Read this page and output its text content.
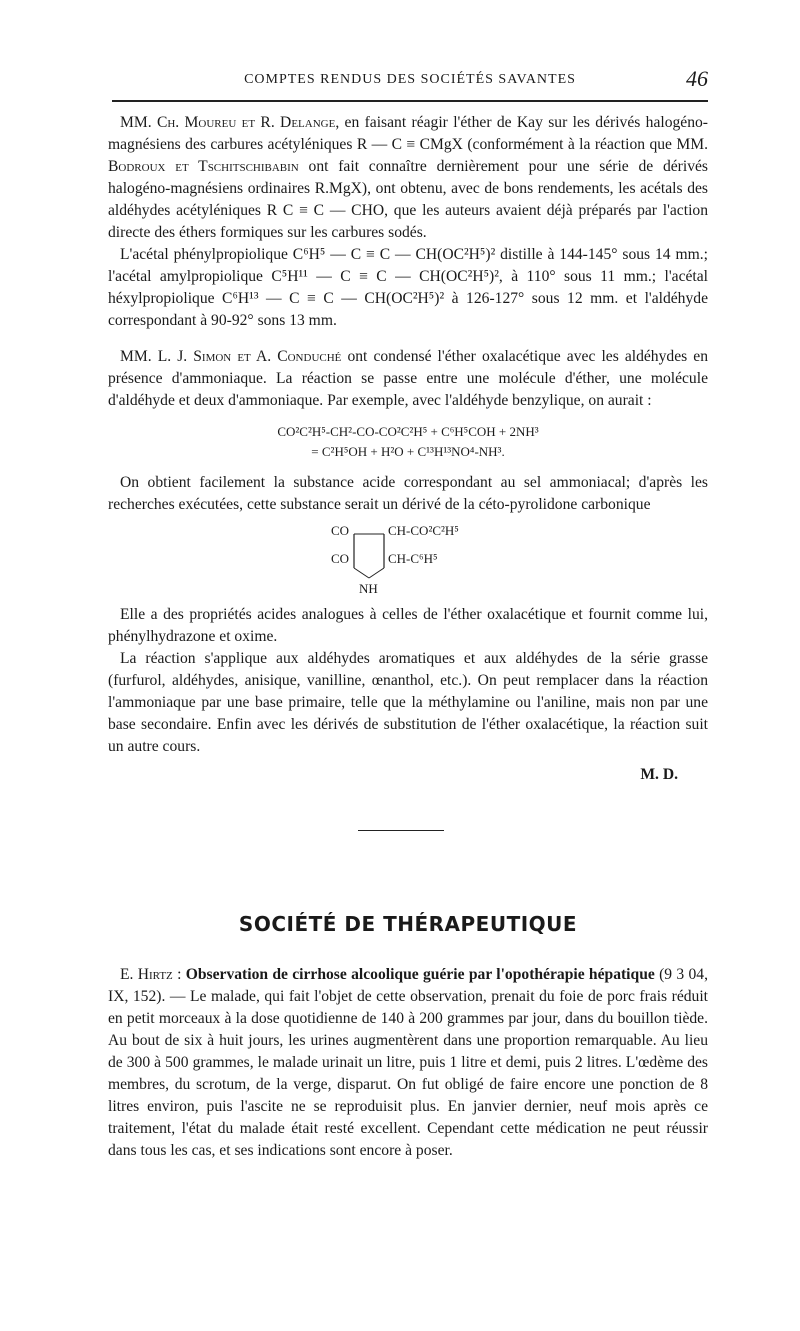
COMPTES RENDUS DES SOCIÉTÉS SAVANTES	46

MM. Ch. Moureu et R. Delange, en faisant réagir l'éther de Kay sur les dérivés halogéno-magnésiens des carbures acétyléniques R — C ≡ CMgX (conformément à la réaction que MM. Bodroux et Tschitschibabin ont fait connaître dernièrement pour une série de dérivés halogéno-magnésiens ordinaires R.MgX), ont obtenu, avec de bons rendements, les acétals des aldéhydes acétyléniques R C ≡ C — CHO, que les auteurs avaient déjà préparés par l'action directe des éthers formiques sur les carbures sodés.

L'acétal phénylpropiolique C⁶H⁵ — C ≡ C — CH(OC²H⁵)² distille à 144-145° sous 14 mm.; l'acétal amylpropiolique C⁵H¹¹ — C ≡ C — CH(OC²H⁵)², à 110° sous 11 mm.; l'acétal héxylpropiolique C⁶H¹³ — C ≡ C — CH(OC²H⁵)² à 126-127° sous 12 mm. et l'aldéhyde correspondant à 90-92° sons 13 mm.

MM. L. J. Simon et A. Conduché ont condensé l'éther oxalacétique avec les aldéhydes en présence d'ammoniaque. La réaction se passe entre une molécule d'éther, une molécule d'aldéhyde et deux d'ammoniaque. Par exemple, avec l'aldéhyde benzylique, on aurait :

CO²C²H⁵-CH²-CO-CO²C²H⁵ + C⁶H⁵COH + 2NH³
= C²H⁵OH + H²O + C¹³H¹³NO⁴-NH³.

On obtient facilement la substance acide correspondant au sel ammoniacal; d'après les recherches exécutées, cette substance serait un dérivé de la céto-pyrolidone carbonique

CO
CO
CH-CO²C²H⁵
CH-C⁶H⁵
NH

Elle a des propriétés acides analogues à celles de l'éther oxalacétique et fournit comme lui, phénylhydrazone et oxime.

La réaction s'applique aux aldéhydes aromatiques et aux aldéhydes de la série grasse (furfurol, aldéhydes, anisique, vanilline, œnanthol, etc.). On peut remplacer dans la réaction l'ammoniaque par une base primaire, telle que la méthylamine ou l'aniline, mais non par une base secondaire. Enfin avec les dérivés de substitution de l'éther oxalacétique, la réaction suit un autre cours.

M. D.
SOCIÉTÉ DE THÉRAPEUTIQUE

E. Hirtz : Observation de cirrhose alcoolique guérie par l'opothérapie hépatique (9 3 04, IX, 152). — Le malade, qui fait l'objet de cette observation, prenait du foie de porc frais réduit en petit morceaux à la dose quotidienne de 140 à 200 grammes par jour, dans du bouillon tiède. Au bout de six à huit jours, les urines augmentèrent dans une proportion remarquable. Au lieu de 300 à 500 grammes, le malade urinait un litre, puis 1 litre et demi, puis 2 litres. L'œdème des membres, du scrotum, de la verge, disparut. On fut obligé de faire encore une ponction de 8 litres environ, puis l'ascite ne se reproduisit plus. En janvier dernier, neuf mois après ce traitement, l'état du malade était resté excellent. Cependant cette médication ne peut réussir dans tous les cas, et ses indications sont encore à poser.
